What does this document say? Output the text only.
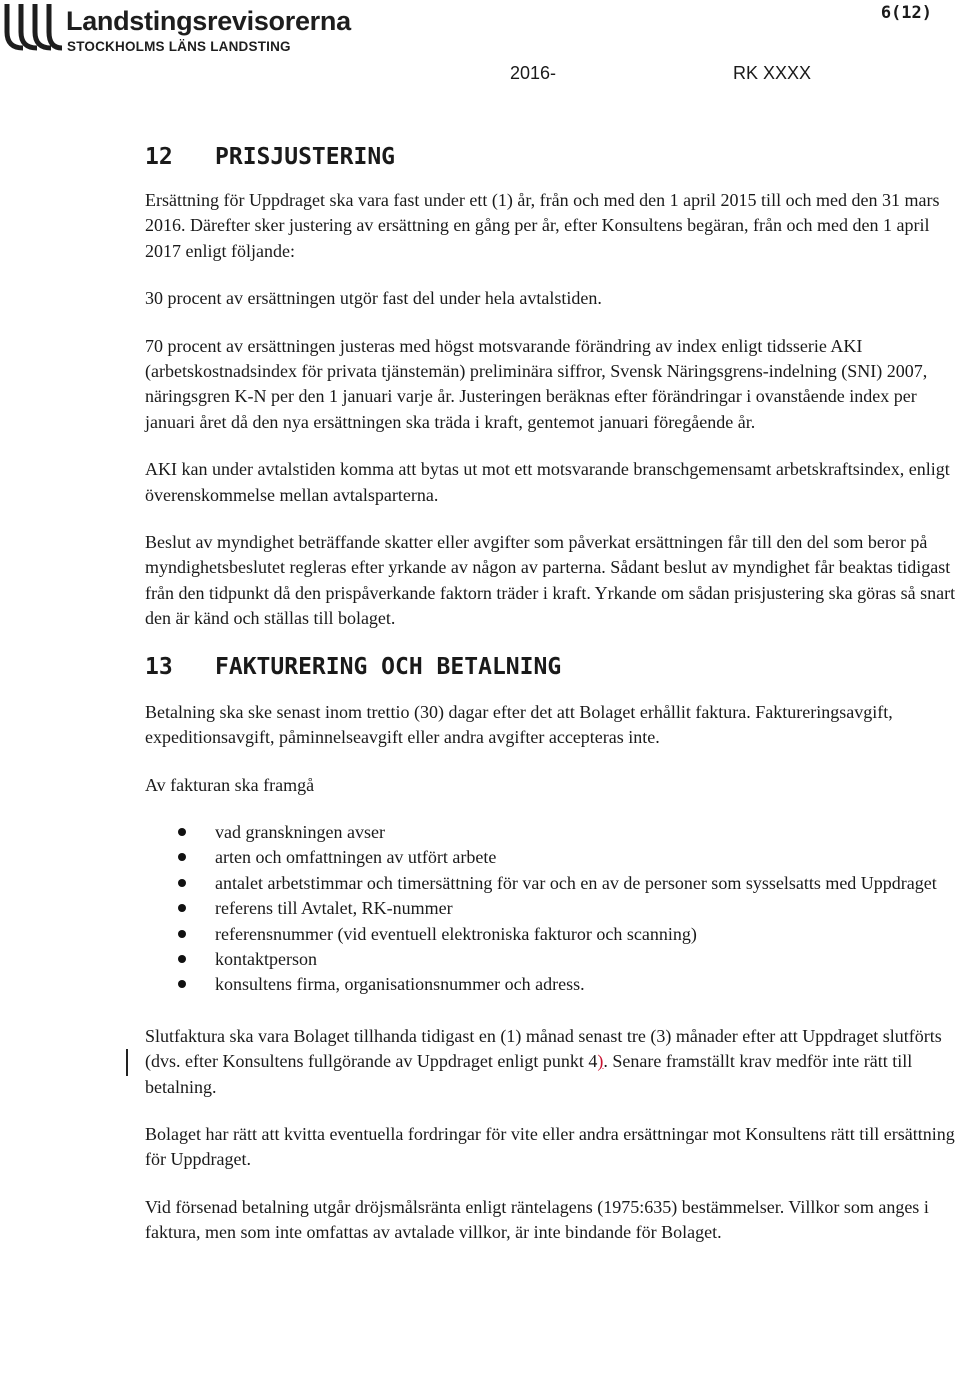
Landstingsrevisorerna
STOCKHOLMS LÄNS LANDSTING
6(12)
2016-	RK XXXX
12	PRISJUSTERING

Ersättning för Uppdraget ska vara fast under ett (1) år, från och med den 1 april 2015 till och med den 31 mars 2016. Därefter sker justering av ersättning en gång per år, efter Konsultens begäran, från och med den 1 april 2017 enligt följande:

30 procent av ersättningen utgör fast del under hela avtalstiden.

70 procent av ersättningen justeras med högst motsvarande förändring av index enligt tidsserie AKI (arbetskostnadsindex för privata tjänstemän) preliminära siffror, Svensk Näringsgrens-indelning (SNI) 2007, näringsgren K-N per den 1 januari varje år. Justeringen beräknas efter förändringar i ovanstående index per januari året då den nya ersättningen ska träda i kraft, gentemot januari föregående år.

AKI kan under avtalstiden komma att bytas ut mot ett motsvarande branschgemensamt arbetskraftsindex, enligt överenskommelse mellan avtalsparterna.

Beslut av myndighet beträffande skatter eller avgifter som påverkat ersättningen får till den del som beror på myndighetsbeslutet regleras efter yrkande av någon av parterna. Sådant beslut av myndighet får beaktas tidigast från den tidpunkt då den prispåverkande faktorn träder i kraft. Yrkande om sådan prisjustering ska göras så snart den är känd och ställas till bolaget.

13	FAKTURERING OCH BETALNING

Betalning ska ske senast inom trettio (30) dagar efter det att Bolaget erhållit faktura. Faktureringsavgift, expeditionsavgift, påminnelseavgift eller andra avgifter accepteras inte.

Av fakturan ska framgå

vad granskningen avser
arten och omfattningen av utfört arbete
antalet arbetstimmar och timersättning för var och en av de personer som sysselsatts med Uppdraget
referens till Avtalet, RK-nummer
referensnummer (vid eventuell elektroniska fakturor och scanning)
kontaktperson
konsultens firma, organisationsnummer och adress.

Slutfaktura ska vara Bolaget tillhanda tidigast en (1) månad senast tre (3) månader efter att Uppdraget slutförts (dvs. efter Konsultens fullgörande av Uppdraget enligt punkt 4). Senare framställt krav medför inte rätt till betalning.

Bolaget har rätt att kvitta eventuella fordringar för vite eller andra ersättningar mot Konsultens rätt till ersättning för Uppdraget.

Vid försenad betalning utgår dröjsmålsränta enligt räntelagens (1975:635) bestämmelser. Villkor som anges i faktura, men som inte omfattas av avtalade villkor, är inte bindande för Bolaget.
